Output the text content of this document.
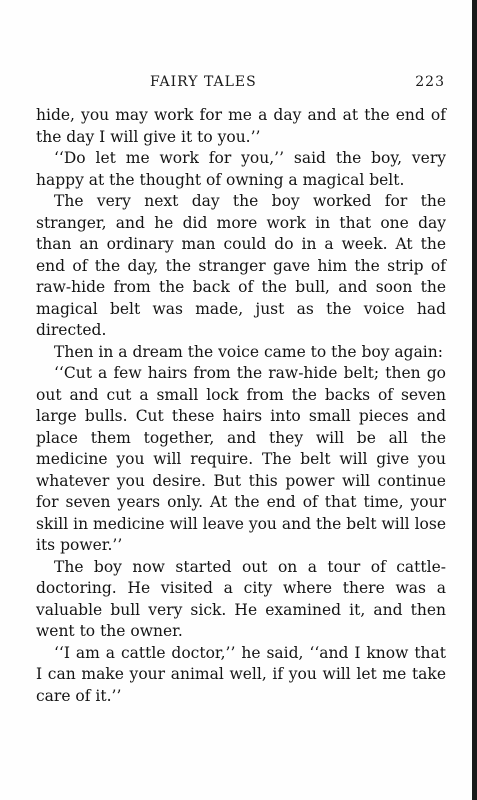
FAIRY TALES	223

hide, you may work for me a day and at the end of the day I will give it to you.’’

‘‘Do let me work for you,’’ said the boy, very happy at the thought of owning a magical belt.

The very next day the boy worked for the stranger, and he did more work in that one day than an ordinary man could do in a week. At the end of the day, the stranger gave him the strip of raw-hide from the back of the bull, and soon the magical belt was made, just as the voice had directed.

Then in a dream the voice came to the boy again:

‘‘Cut a few hairs from the raw-hide belt; then go out and cut a small lock from the backs of seven large bulls. Cut these hairs into small pieces and place them together, and they will be all the medicine you will require. The belt will give you whatever you desire. But this power will continue for seven years only. At the end of that time, your skill in medicine will leave you and the belt will lose its power.’’

The boy now started out on a tour of cattle-doctoring. He visited a city where there was a valuable bull very sick. He examined it, and then went to the owner.

‘‘I am a cattle doctor,’’ he said, ‘‘and I know that I can make your animal well, if you will let me take care of it.’’
